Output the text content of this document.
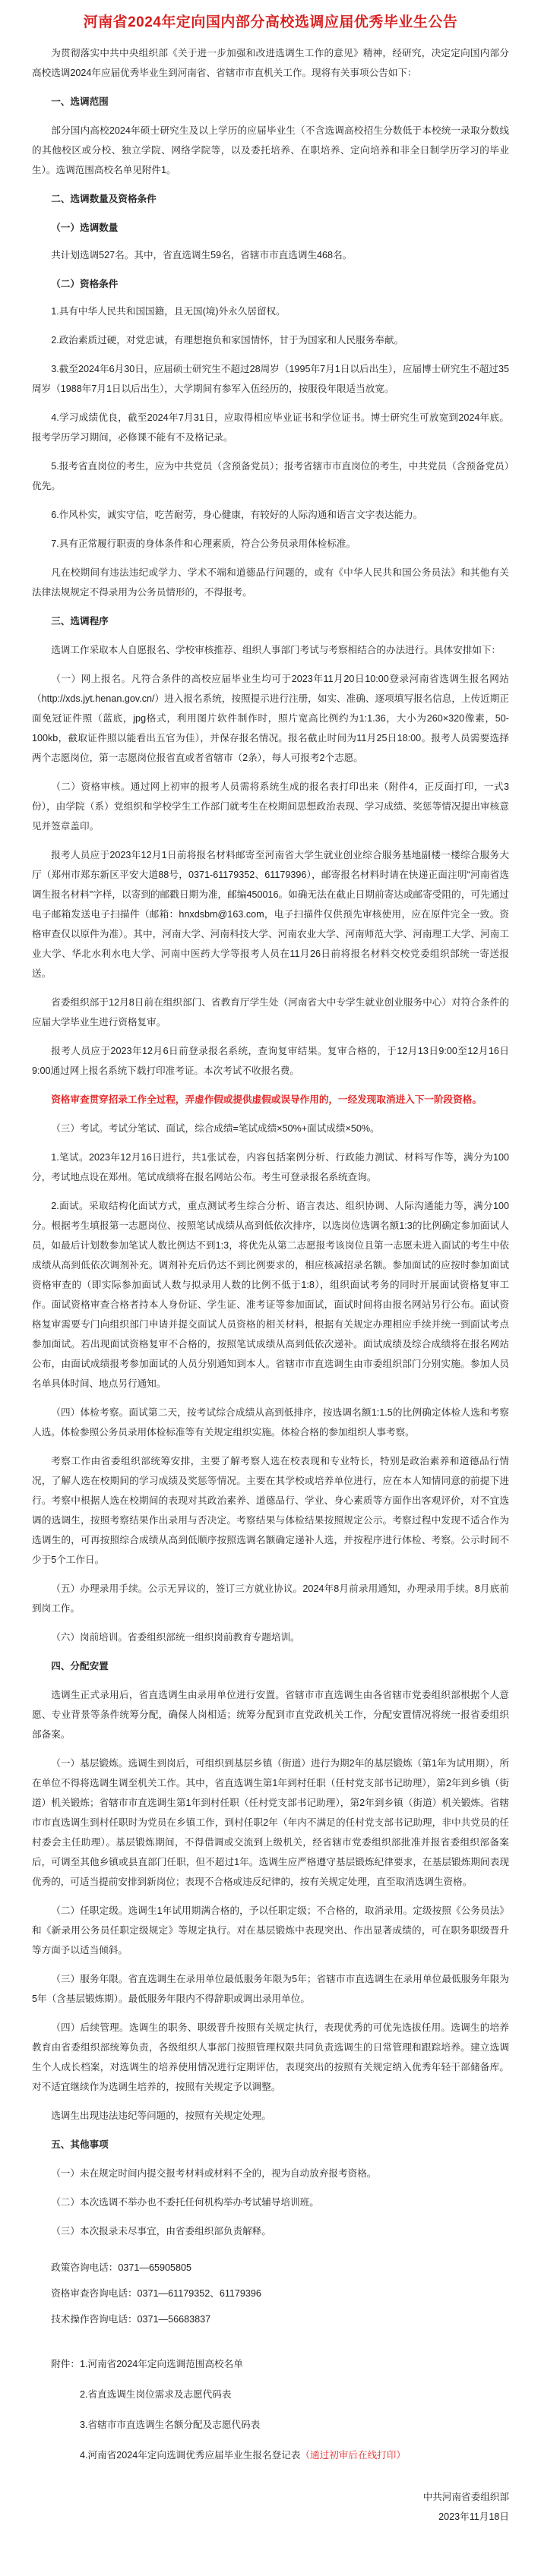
河南省2024年定向国内部分高校选调应届优秀毕业生公告

为贯彻落实中共中央组织部《关于进一步加强和改进选调生工作的意见》精神，经研究，决定定向国内部分高校选调2024年应届优秀毕业生到河南省、省辖市市直机关工作。现将有关事项公告如下：

一、选调范围

部分国内高校2024年硕士研究生及以上学历的应届毕业生（不含选调高校招生分数低于本校统一录取分数线的其他校区或分校、独立学院、网络学院等，以及委托培养、在职培养、定向培养和非全日制学历学习的毕业生）。选调范围高校名单见附件1。

二、选调数量及资格条件
（一）选调数量

共计划选调527名。其中，省直选调生59名，省辖市市直选调生468名。

（二）资格条件

1.具有中华人民共和国国籍，且无国(境)外永久居留权。

2.政治素质过硬，对党忠诚，有理想抱负和家国情怀，甘于为国家和人民服务奉献。

3.截至2024年6月30日，应届硕士研究生不超过28周岁（1995年7月1日以后出生），应届博士研究生不超过35周岁（1988年7月1日以后出生），大学期间有参军入伍经历的，按服役年限适当放宽。

4.学习成绩优良，截至2024年7月31日，应取得相应毕业证书和学位证书。博士研究生可放宽到2024年底。报考学历学习期间，必修课不能有不及格记录。

5.报考省直岗位的考生，应为中共党员（含预备党员）；报考省辖市市直岗位的考生，中共党员（含预备党员）优先。

6.作风朴实，诚实守信，吃苦耐劳，身心健康，有较好的人际沟通和语言文字表达能力。

7.具有正常履行职责的身体条件和心理素质，符合公务员录用体检标准。

凡在校期间有违法违纪或学力、学术不端和道德品行问题的，或有《中华人民共和国公务员法》和其他有关法律法规规定不得录用为公务员情形的，不得报考。

三、选调程序

选调工作采取本人自愿报名、学校审核推荐、组织人事部门考试与考察相结合的办法进行。具体安排如下：

（一）网上报名。凡符合条件的高校应届毕业生均可于2023年11月20日10:00登录河南省选调生报名网站（http://xds.jyt.henan.gov.cn/）进入报名系统，按照提示进行注册，如实、准确、逐项填写报名信息，上传近期正面免冠证件照（蓝底，jpg格式，利用图片软件制作时，照片宽高比例约为1:1.36，大小为260×320像素，50-100kb，截取证件照以能看出五官为佳），并保存报名情况。报名截止时间为11月25日18:00。报考人员需要选择两个志愿岗位，第一志愿岗位报省直或者省辖市（2条），每人可报考2个志愿。

（二）资格审核。通过网上初审的报考人员需将系统生成的报名表打印出来（附件4，正反面打印，一式3份），由学院（系）党组织和学校学生工作部门就考生在校期间思想政治表现、学习成绩、奖惩等情况提出审核意见并签章盖印。

报考人员应于2023年12月1日前将报名材料邮寄至河南省大学生就业创业综合服务基地副楼一楼综合服务大厅（郑州市郑东新区平安大道88号，0371-61179352、61179396），邮寄报名材料时请在快递正面注明“河南省选调生报名材料”字样，以寄到的邮戳日期为准，邮编450016。如确无法在截止日期前寄达或邮寄受阻的，可先通过电子邮箱发送电子扫描件（邮箱：hnxdsbm@163.com，电子扫描件仅供预先审核使用，应在原件完全一致。资格审查仅以原件为准）。其中，河南大学、河南科技大学、河南农业大学、河南师范大学、河南理工大学、河南工业大学、华北水利水电大学、河南中医药大学等报考人员在11月26日前将报名材料交校党委组织部统一寄送报送。

省委组织部于12月8日前在组织部门、省教育厅学生处（河南省大中专学生就业创业服务中心）对符合条件的应届大学毕业生进行资格复审。

报考人员应于2023年12月6日前登录报名系统，查询复审结果。复审合格的，于12月13日9:00至12月16日9:00通过网上报名系统下载打印准考证。本次考试不收报名费。

资格审查贯穿招录工作全过程，弄虚作假或提供虚假或误导作用的，一经发现取消进入下一阶段资格。

（三）考试。考试分笔试、面试，综合成绩=笔试成绩×50%+面试成绩×50%。

1.笔试。2023年12月16日进行，共1张试卷，内容包括案例分析、行政能力测试、材料写作等，满分为100分，考试地点设在郑州。笔试成绩将在报名网站公布。考生可登录报名系统查询。

2.面试。采取结构化面试方式，重点测试考生综合分析、语言表达、组织协调、人际沟通能力等，满分100分。根据考生填报第一志愿岗位、按照笔试成绩从高到低依次排序，以选岗位选调名额1:3的比例确定参加面试人员，如最后计划数参加笔试人数比例达不到1:3，将优先从第二志愿报考该岗位且第一志愿未进入面试的考生中依成绩从高到低依次调剂补充。调剂补充后仍达不到比例要求的，相应核减招录名额。参加面试的应按时参加面试资格审查的（即实际参加面试人数与拟录用人数的比例不低于1:8），组织面试考务的同时开展面试资格复审工作。面试资格审查合格者持本人身份证、学生证、准考证等参加面试，面试时间将由报名网站另行公布。面试资格复审需要专门向组织部门申请并提交面试人员资格的相关材料，根据有关规定办理相应手续并统一到面试考点参加面试。若出现面试资格复审不合格的，按照笔试成绩从高到低依次递补。面试成绩及综合成绩将在报名网站公布，由面试成绩报考参加面试的人员分别通知到本人。省辖市市直选调生由市委组织部门分别实施。参加人员名单具体时间、地点另行通知。

（四）体检考察。面试第二天，按考试综合成绩从高到低排序，按选调名额1:1.5的比例确定体检人选和考察人选。体检参照公务员录用体检标准等有关规定组织实施。体检合格的参加组织人事考察。

考察工作由省委组织部统筹安排，主要了解考察人选在校表现和专业特长，特别是政治素养和道德品行情况，了解人选在校期间的学习成绩及奖惩等情况。主要在其学校或培养单位进行，应在本人知情同意的前提下进行。考察中根据人选在校期间的表现对其政治素养、道德品行、学业、身心素质等方面作出客观评价，对不宜选调的选调生，按照考察结果作出录用与否决定。考察结果与体检结果按照规定公示。考察过程中发现不适合作为选调生的，可再按照综合成绩从高到低顺序按照选调名额确定递补人选，并按程序进行体检、考察。公示时间不少于5个工作日。

（五）办理录用手续。公示无异议的，签订三方就业协议。2024年8月前录用通知，办理录用手续。8月底前到岗工作。

（六）岗前培训。省委组织部统一组织岗前教育专题培训。

四、分配安置

选调生正式录用后，省直选调生由录用单位进行安置。省辖市市直选调生由各省辖市党委组织部根据个人意愿、专业背景等条件统筹分配，确保人岗相适；统筹分配到市直党政机关工作，分配安置情况将统一报省委组织部备案。

（一）基层锻炼。选调生到岗后，可组织到基层乡镇（街道）进行为期2年的基层锻炼（第1年为试用期），所在单位不得将选调生调至机关工作。其中，省直选调生第1年到村任职（任村党支部书记助理），第2年到乡镇（街道）机关锻炼；省辖市市直选调生第1年到村任职（任村党支部书记助理），第2年到乡镇（街道）机关锻炼。省辖市市直选调生到村任职时为党员在乡镇工作，到村任职2年（年内不满足的任村党支部书记助理，非中共党员的任村委会主任助理）。基层锻炼期间，不得借调或交流到上级机关，经省辖市党委组织部批准并报省委组织部备案后，可调至其他乡镇或县直部门任职，但不超过1年。选调生应严格遵守基层锻炼纪律要求，在基层锻炼期间表现优秀的，可适当提前安排到新岗位；表现不合格或违反纪律的，按有关规定处理，直至取消选调生资格。

（二）任职定级。选调生1年试用期满合格的，予以任职定级；不合格的，取消录用。定级按照《公务员法》和《新录用公务员任职定级规定》等规定执行。对在基层锻炼中表现突出、作出显著成绩的，可在职务职级晋升等方面予以适当倾斜。

（三）服务年限。省直选调生在录用单位最低服务年限为5年；省辖市市直选调生在录用单位最低服务年限为5年（含基层锻炼期）。最低服务年限内不得辞职或调出录用单位。

（四）后续管理。选调生的职务、职级晋升按照有关规定执行，表现优秀的可优先选拔任用。选调生的培养教育由省委组织部统筹负责，各级组织人事部门按照管理权限共同负责选调生的日常管理和跟踪培养。建立选调生个人成长档案，对选调生的培养使用情况进行定期评估，表现突出的按照有关规定纳入优秀年轻干部储备库。对不适宜继续作为选调生培养的，按照有关规定予以调整。

选调生出现违法违纪等问题的，按照有关规定处理。

五、其他事项

（一）未在规定时间内提交报考材料或材料不全的，视为自动放弃报考资格。

（二）本次选调不举办也不委托任何机构举办考试辅导培训班。

（三）本次报录未尽事宜，由省委组织部负责解释。

政策咨询电话：0371—65905805

资格审查咨询电话：0371—61179352、61179396

技术操作咨询电话：0371—56683837

附件：1.河南省2024年定向选调范围高校名单

2.省直选调生岗位需求及志愿代码表

3.省辖市市直选调生名额分配及志愿代码表

4.河南省2024年定向选调优秀应届毕业生报名登记表（通过初审后在线打印）

中共河南省委组织部

2023年11月18日
